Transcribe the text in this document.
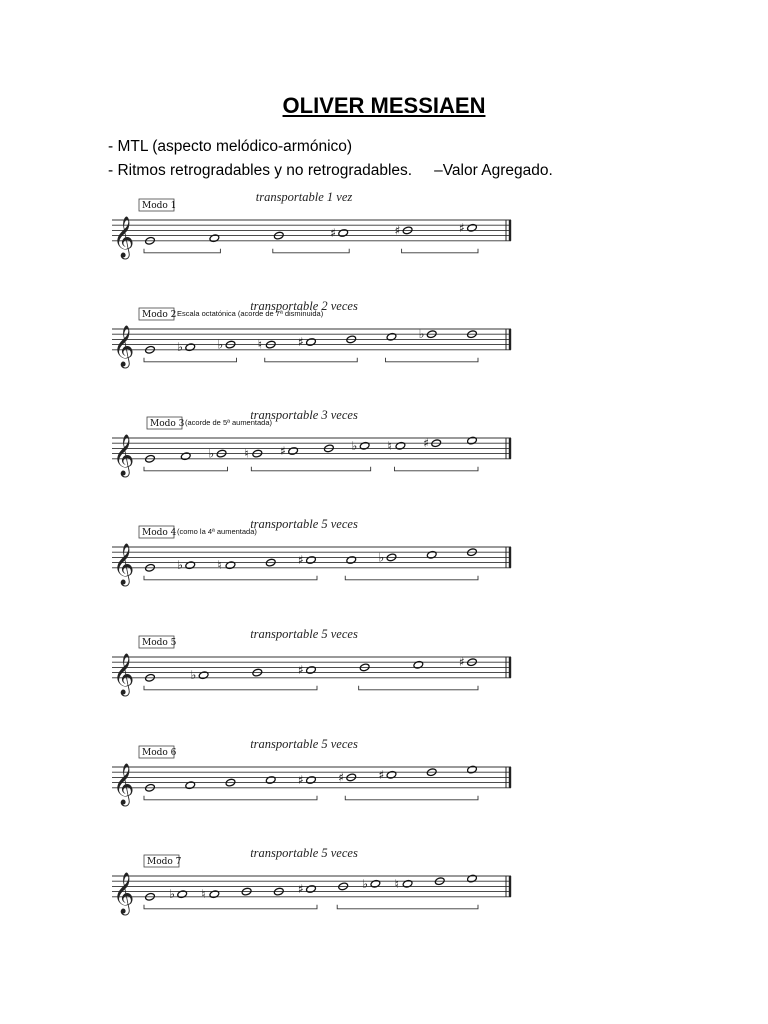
OLIVER MESSIAEN
- MTL (aspecto melódico-armónico)
- Ritmos retrogradables y no retrogradables. –Valor Agregado.
𝄞
Modo 1
transportable 1 vez
♯	♯	♯
𝄞
Modo 2
transportable 2 veces
Escala octatónica (acorde de 7ª disminuida)
♭	♭	♮	♯
♭
𝄞
Modo 3
transportable 3 veces
(acorde de 5ª aumentada)
♭	♮	♯	♭	♮	♯
𝄞
Modo 4
transportable 5 veces
(como la 4ª aumentada)
♭	♮	♯	♭
𝄞
Modo 5
transportable 5 veces
♭	♯
♯
𝄞
Modo 6
transportable 5 veces
♯	♯	♯
𝄞
Modo 7
transportable 5 veces
♭ ♮	♯	♭ ♮
